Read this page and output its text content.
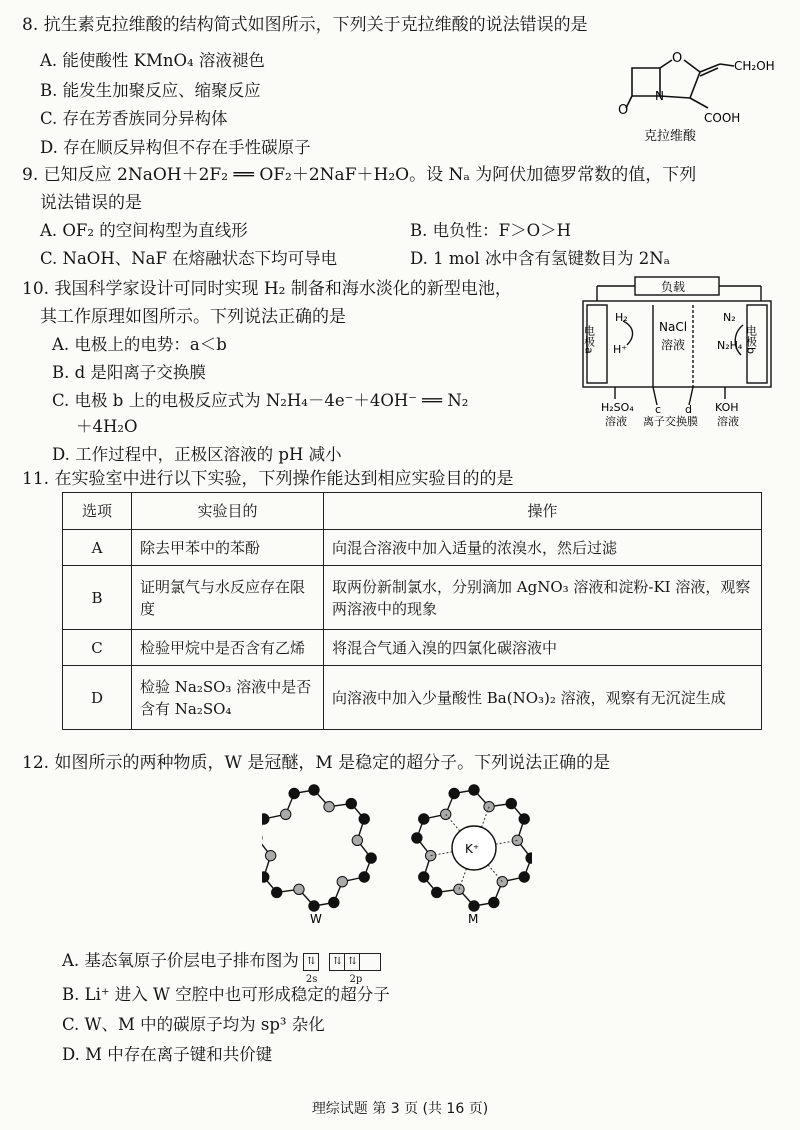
8. 抗生素克拉维酸的结构简式如图所示，下列关于克拉维酸的说法错误的是
A. 能使酸性 KMnO₄ 溶液褪色
B. 能发生加聚反应、缩聚反应
C. 存在芳香族同分异构体
D. 存在顺反异构但不存在手性碳原子
O
N
O	CH₂OH
COOH
克拉维酸
9. 已知反应 2NaOH＋2F₂ ══ OF₂＋2NaF＋H₂O。设 Nₐ 为阿伏加德罗常数的值，下列
说法错误的是
A. OF₂ 的空间构型为直线形	B. 电负性：F＞O＞H
C. NaOH、NaF 在熔融状态下均可导电	D. 1 mol 冰中含有氢键数目为 2Nₐ
10. 我国科学家设计可同时实现 H₂ 制备和海水淡化的新型电池，
其工作原理如图所示。下列说法正确的是
A. 电极上的电势：a＜b
B. d 是阳离子交换膜
C. 电极 b 上的电极反应式为 N₂H₄－4e⁻＋4OH⁻ ══ N₂
＋4H₂O
D. 工作过程中，正极区溶液的 pH 减小
电极a	电极b
负载
H₂
H⁺
N₂
N₂H₄
NaCl
溶液
H₂SO₄
溶液
c d
离子交换膜
KOH
溶液
11. 在实验室中进行以下实验，下列操作能达到相应实验目的的是
选项	实验目的	操作
A	除去甲苯中的苯酚	向混合溶液中加入适量的浓溴水，然后过滤
B	证明氯气与水反应存在限度	取两份新制氯水，分别滴加 AgNO₃ 溶液和淀粉-KI 溶液，观察两溶液中的现象
C	检验甲烷中是否含有乙烯	将混合气通入溴的四氯化碳溶液中
D	检验 Na₂SO₃ 溶液中是否含有 Na₂SO₄	向溶液中加入少量酸性 Ba(NO₃)₂ 溶液，观察有无沉淀生成
12. 如图所示的两种物质，W 是冠醚，M 是稳定的超分子。下列说法正确的是
K⁺
W	M
A. 基态氧原子价层电子排布图为 ⇅
2s
⇅ ⇅
2p
B. Li⁺ 进入 W 空腔中也可形成稳定的超分子
C. W、M 中的碳原子均为 sp³ 杂化
D. M 中存在离子键和共价键
理综试题 第 3 页 (共 16 页)
